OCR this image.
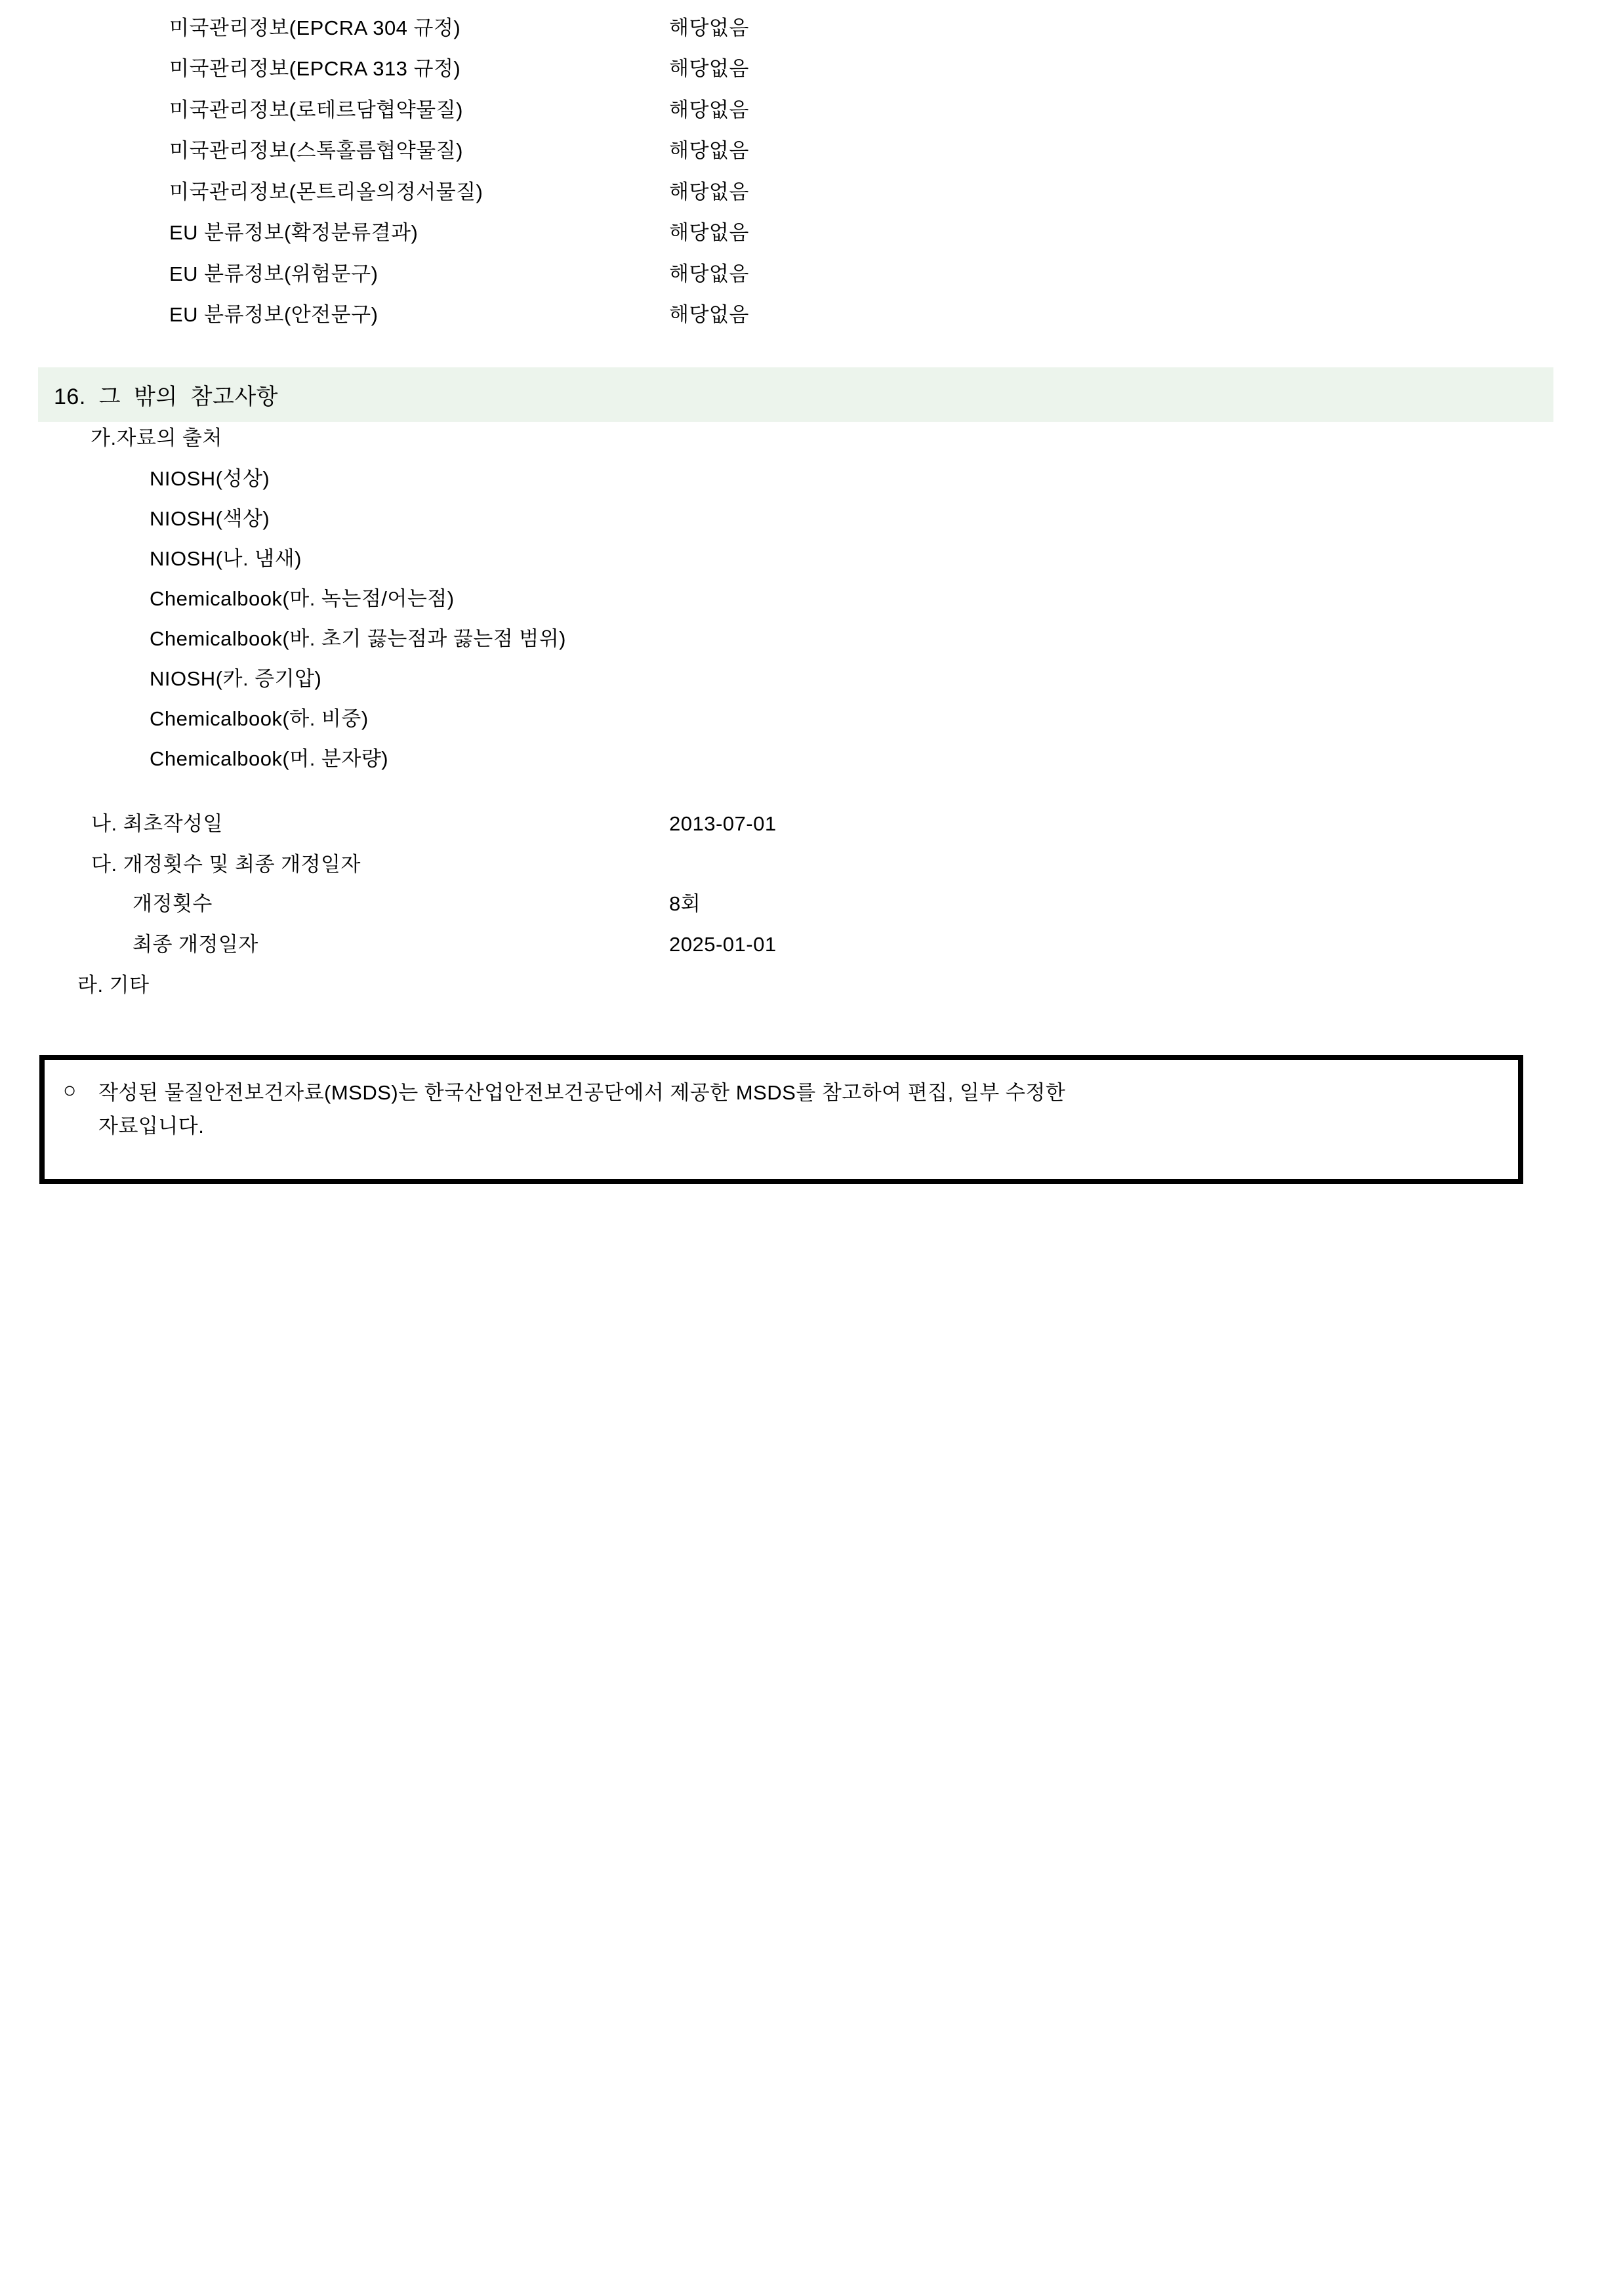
미국관리정보(EPCRA 304 규정)	해당없음
미국관리정보(EPCRA 313 규정)	해당없음
미국관리정보(로테르담협약물질)	해당없음
미국관리정보(스톡홀름협약물질)	해당없음
미국관리정보(몬트리올의정서물질)	해당없음
EU 분류정보(확정분류결과)	해당없음
EU 분류정보(위험문구)	해당없음
EU 분류정보(안전문구)	해당없음
16. 그 밖의 참고사항
가.자료의 출처
NIOSH(성상)
NIOSH(색상)
NIOSH(나. 냄새)
Chemicalbook(마. 녹는점/어는점)
Chemicalbook(바. 초기 끓는점과 끓는점 범위)
NIOSH(카. 증기압)
Chemicalbook(하. 비중)
Chemicalbook(머. 분자량)
나. 최초작성일	2013-07-01
다. 개정횟수 및 최종 개정일자
개정횟수	8회
최종 개정일자	2025-01-01
라. 기타
○ 작성된 물질안전보건자료(MSDS)는 한국산업안전보건공단에서 제공한 MSDS를 참고하여 편집, 일부 수정한
자료입니다.
